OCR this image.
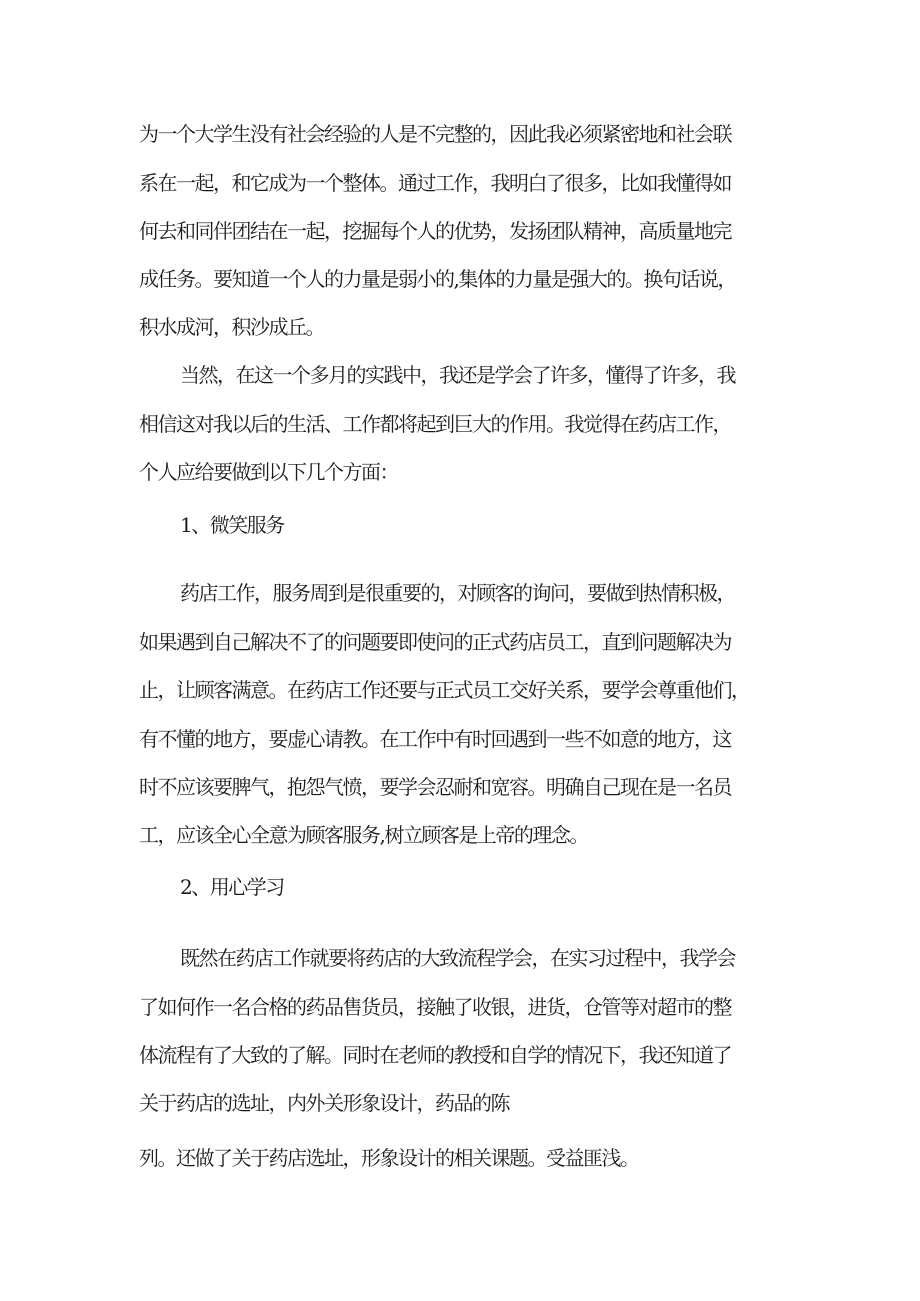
为一个大学生没有社会经验的人是不完整的，因此我必须紧密地和社会联
系在一起，和它成为一个整体。通过工作，我明白了很多，比如我懂得如
何去和同伴团结在一起，挖掘每个人的优势，发扬团队精神，高质量地完
成任务。要知道一个人的力量是弱小的,集体的力量是强大的。换句话说，
积水成河，积沙成丘。
当然，在这一个多月的实践中，我还是学会了许多，懂得了许多，我
相信这对我以后的生活、工作都将起到巨大的作用。我觉得在药店工作，
个人应给要做到以下几个方面：
1、微笑服务
药店工作，服务周到是很重要的，对顾客的询问，要做到热情积极，
如果遇到自己解决不了的问题要即使问的正式药店员工，直到问题解决为
止，让顾客满意。在药店工作还要与正式员工交好关系，要学会尊重他们，
有不懂的地方，要虚心请教。在工作中有时回遇到一些不如意的地方，这
时不应该要脾气，抱怨气愤，要学会忍耐和宽容。明确自己现在是一名员
工，应该全心全意为顾客服务,树立顾客是上帝的理念。
2、用心学习
既然在药店工作就要将药店的大致流程学会，在实习过程中，我学会
了如何作一名合格的药品售货员，接触了收银，进货，仓管等对超市的整
体流程有了大致的了解。同时在老师的教授和自学的情况下，我还知道了
关于药店的选址，内外关形象设计，药品的陈
列。还做了关于药店选址，形象设计的相关课题。受益匪浅。
